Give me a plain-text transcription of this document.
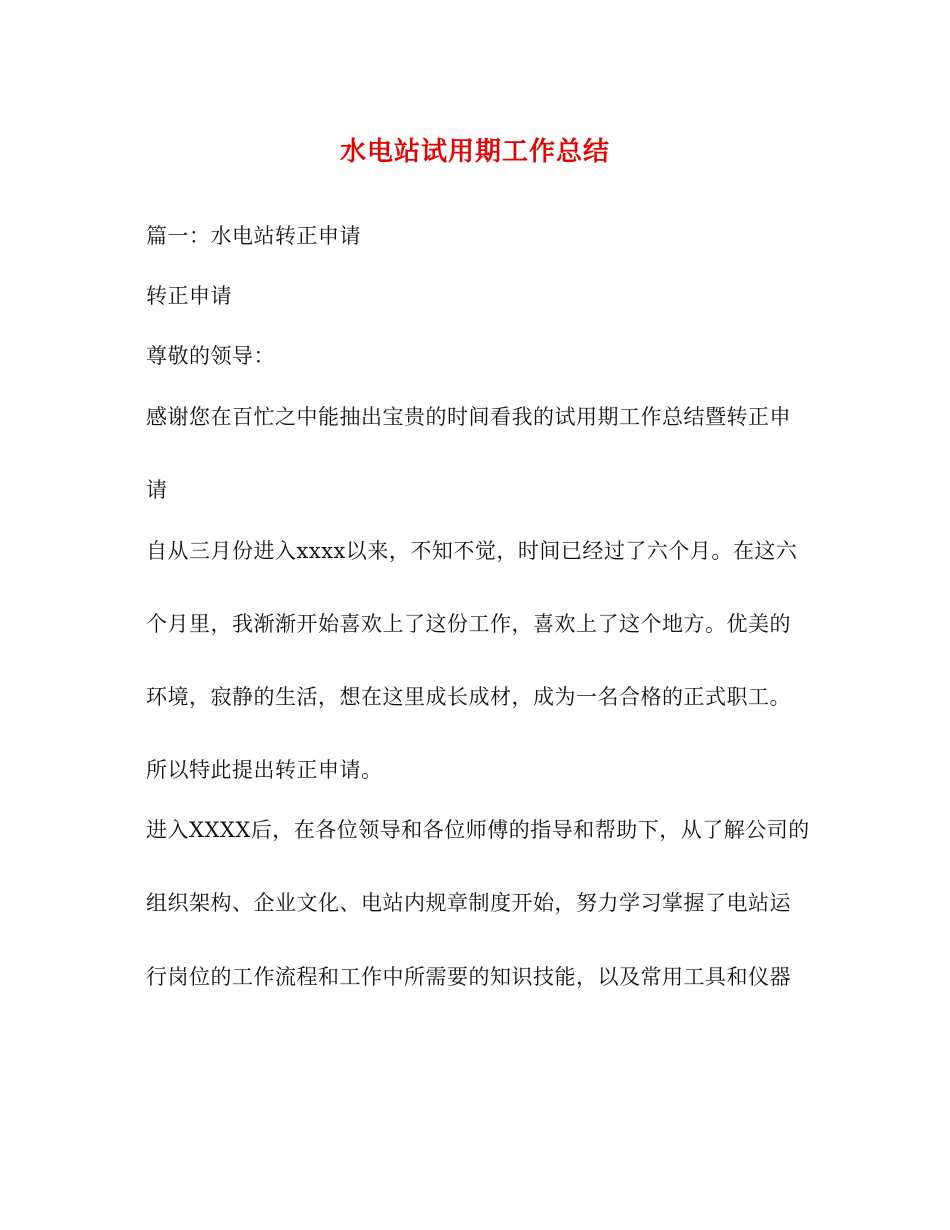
水电站试用期工作总结
篇一：水电站转正申请
转正申请
尊敬的领导：
感谢您在百忙之中能抽出宝贵的时间看我的试用期工作总结暨转正申
请
自从三月份进入xxxx以来，不知不觉，时间已经过了六个月。在这六
个月里，我渐渐开始喜欢上了这份工作，喜欢上了这个地方。优美的
环境，寂静的生活，想在这里成长成材，成为一名合格的正式职工。
所以特此提出转正申请。
进入XXXX后，在各位领导和各位师傅的指导和帮助下，从了解公司的
组织架构、企业文化、电站内规章制度开始，努力学习掌握了电站运
行岗位的工作流程和工作中所需要的知识技能，以及常用工具和仪器
